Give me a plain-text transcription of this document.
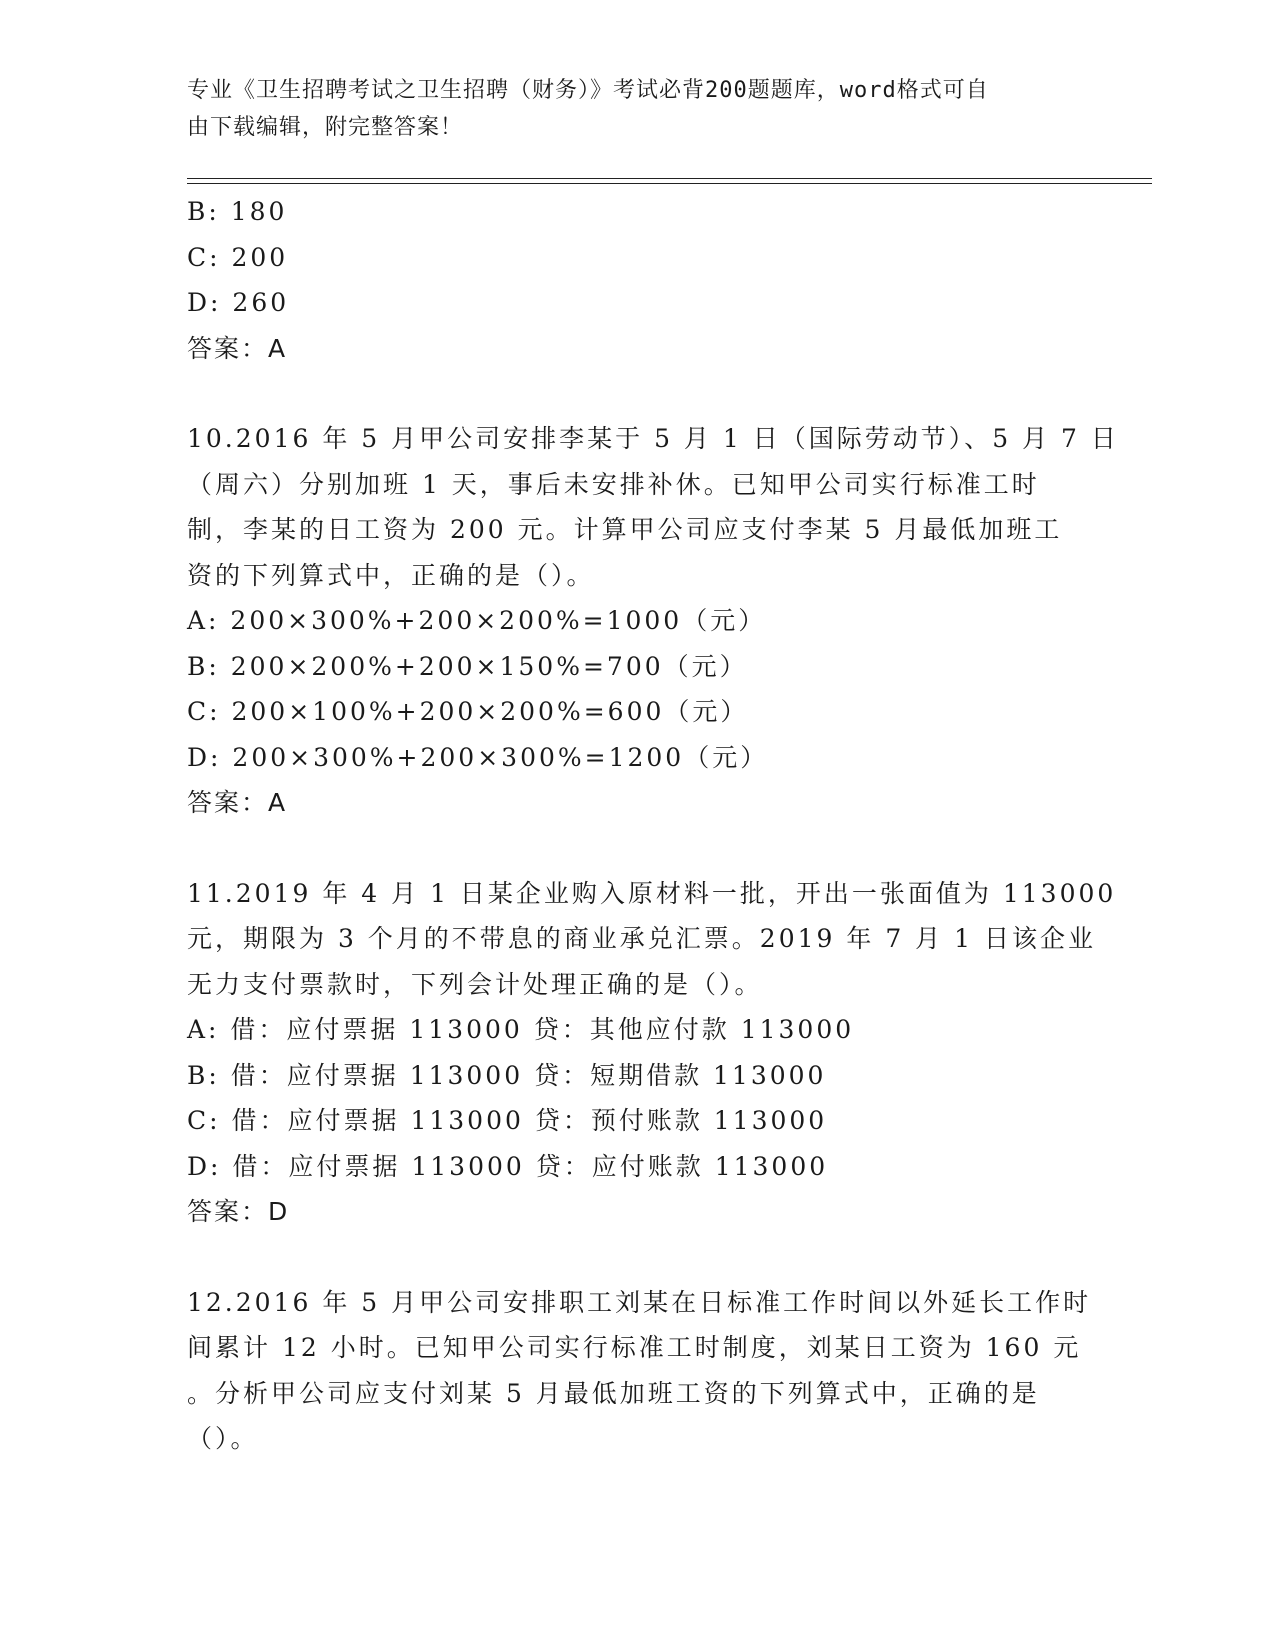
专业《卫生招聘考试之卫生招聘（财务）》考试必背200题题库，word格式可自
由下载编辑，附完整答案！
B: 180
C: 200
D: 260
答案：A
10.2016 年 5 月甲公司安排李某于 5 月 1 日（国际劳动节）、5 月 7 日
（周六）分别加班 1 天，事后未安排补休。已知甲公司实行标准工时
制，李某的日工资为 200 元。计算甲公司应支付李某 5 月最低加班工
资的下列算式中，正确的是（）。
A: 200×300%+200×200%=1000（元）
B: 200×200%+200×150%=700（元）
C: 200×100%+200×200%=600（元）
D: 200×300%+200×300%=1200（元）
答案：A
11.2019 年 4 月 1 日某企业购入原材料一批，开出一张面值为 113000
元，期限为 3 个月的不带息的商业承兑汇票。2019 年 7 月 1 日该企业
无力支付票款时，下列会计处理正确的是（）。
A: 借：应付票据 113000 贷：其他应付款 113000
B: 借：应付票据 113000 贷：短期借款 113000
C: 借：应付票据 113000 贷：预付账款 113000
D: 借：应付票据 113000 贷：应付账款 113000
答案：D
12.2016 年 5 月甲公司安排职工刘某在日标准工作时间以外延长工作时
间累计 12 小时。已知甲公司实行标准工时制度，刘某日工资为 160 元
。分析甲公司应支付刘某 5 月最低加班工资的下列算式中，正确的是
（）。
